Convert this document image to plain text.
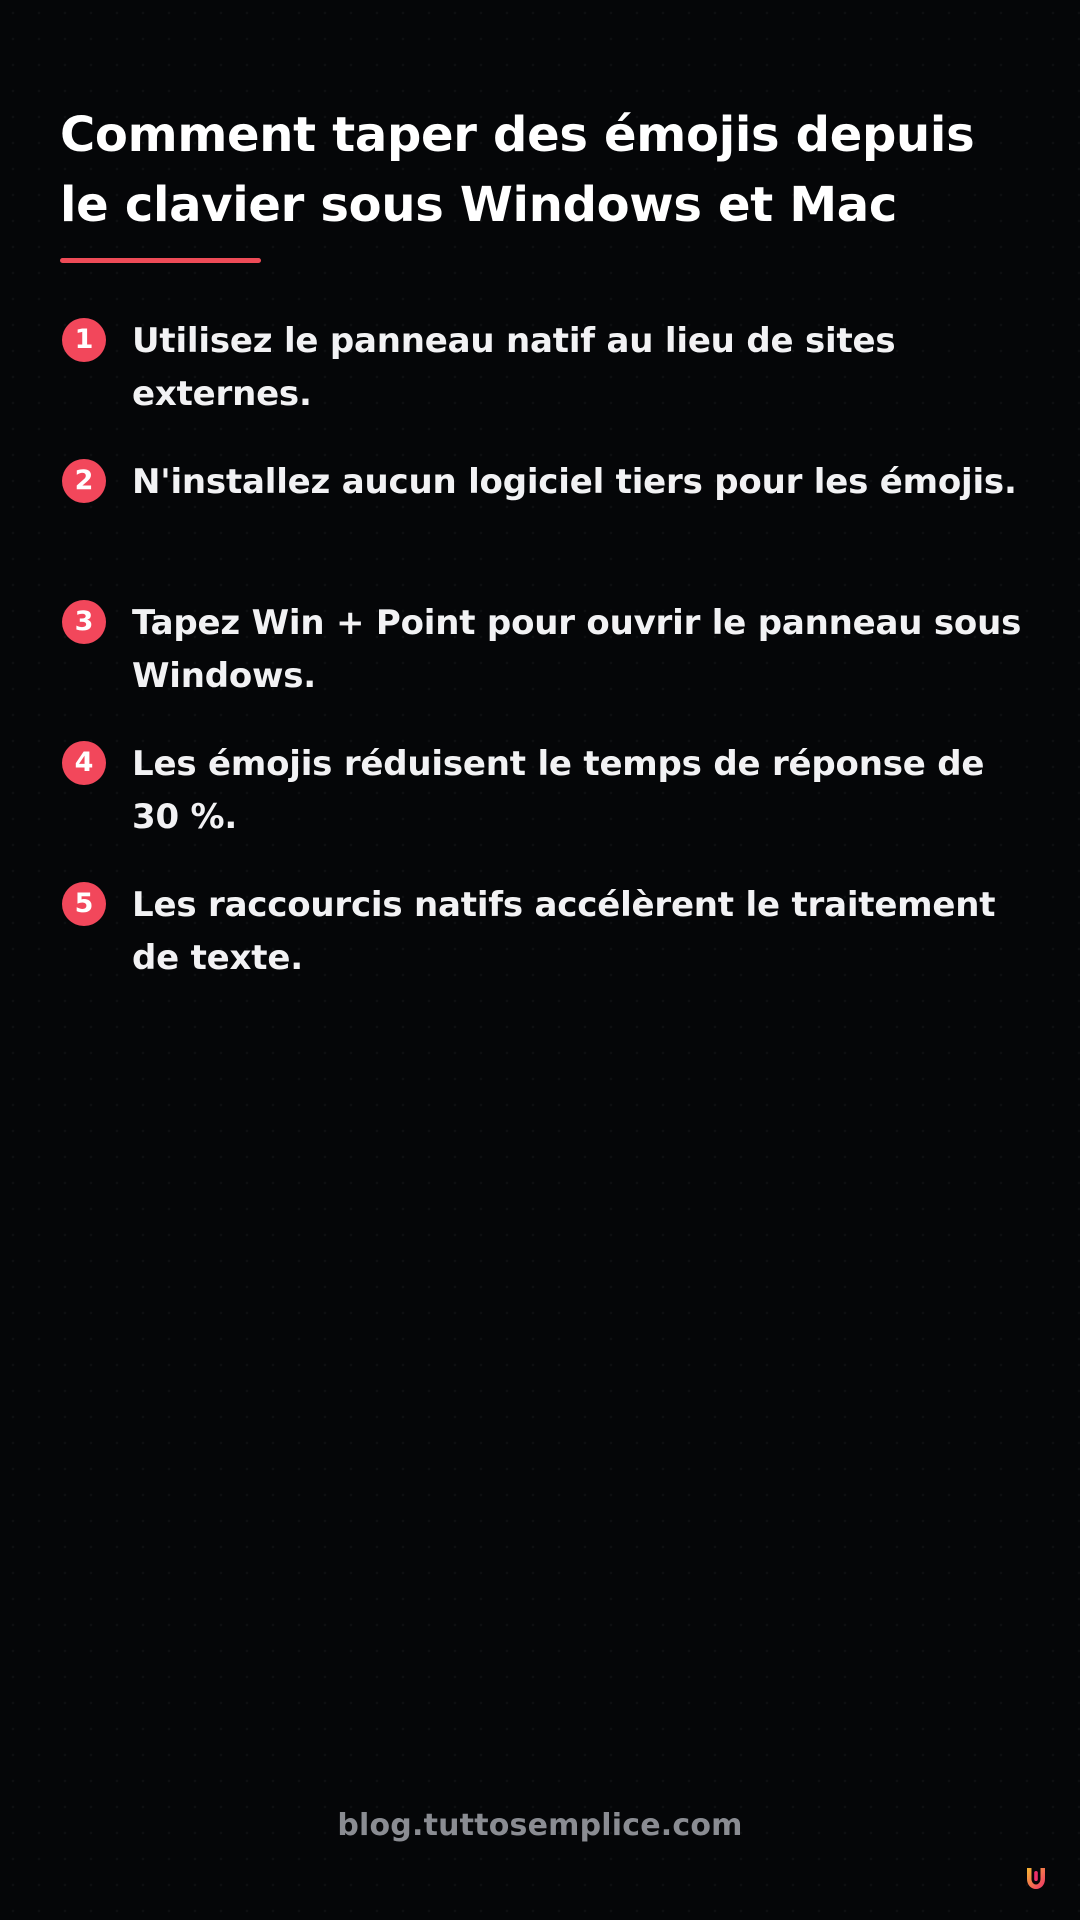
Comment taper des émojis depuis le clavier sous Windows et Mac
1	Utilisez le panneau natif au lieu de sites externes.
2	N'installez aucun logiciel tiers pour les émojis.
3	Tapez Win + Point pour ouvrir le panneau sous Windows.
4	Les émojis réduisent le temps de réponse de 30 %.
5	Les raccourcis natifs accélèrent le traitement de texte.
blog.tuttosemplice.com
